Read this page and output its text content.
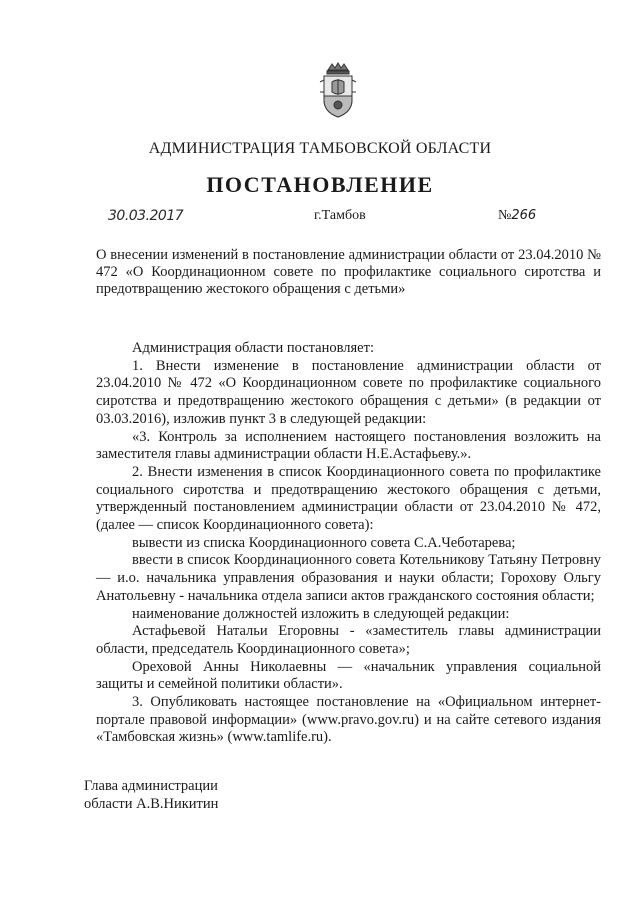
АДМИНИСТРАЦИЯ ТАМБОВСКОЙ ОБЛАСТИ
ПОСТАНОВЛЕНИЕ
30.03.2017	г.Тамбов	№266
О внесении изменений в постановление администрации области от 23.04.2010 № 472 «О Координационном совете по профилактике социального сиротства и предотвращению жестокого обращения с детьми»

Администрация области постановляет:

1. Внести изменение в постановление администрации области от 23.04.2010 № 472 «О Координационном совете по профилактике социального сиротства и предотвращению жестокого обращения с детьми» (в редакции от 03.03.2016), изложив пункт 3 в следующей редакции:

«3. Контроль за исполнением настоящего постановления возложить на заместителя главы администрации области Н.Е.Астафьеву.».

2. Внести изменения в список Координационного совета по профилактике социального сиротства и предотвращению жестокого обращения с детьми, утвержденный постановлением администрации области от 23.04.2010 № 472, (далее — список Координационного совета):

вывести из списка Координационного совета С.А.Чеботарева;

ввести в список Координационного совета Котельникову Татьяну Петровну — и.о. начальника управления образования и науки области; Горохову Ольгу Анатольевну - начальника отдела записи актов гражданского состояния области;

наименование должностей изложить в следующей редакции:

Астафьевой Натальи Егоровны - «заместитель главы администрации области, председатель Координационного совета»;

Ореховой Анны Николаевны — «начальник управления социальной защиты и семейной политики области».

3. Опубликовать настоящее постановление на «Официальном интернет-портале правовой информации» (www.pravo.gov.ru) и на сайте сетевого издания «Тамбовская жизнь» (www.tamlife.ru).

Глава администрации
области А.В.Никитин
